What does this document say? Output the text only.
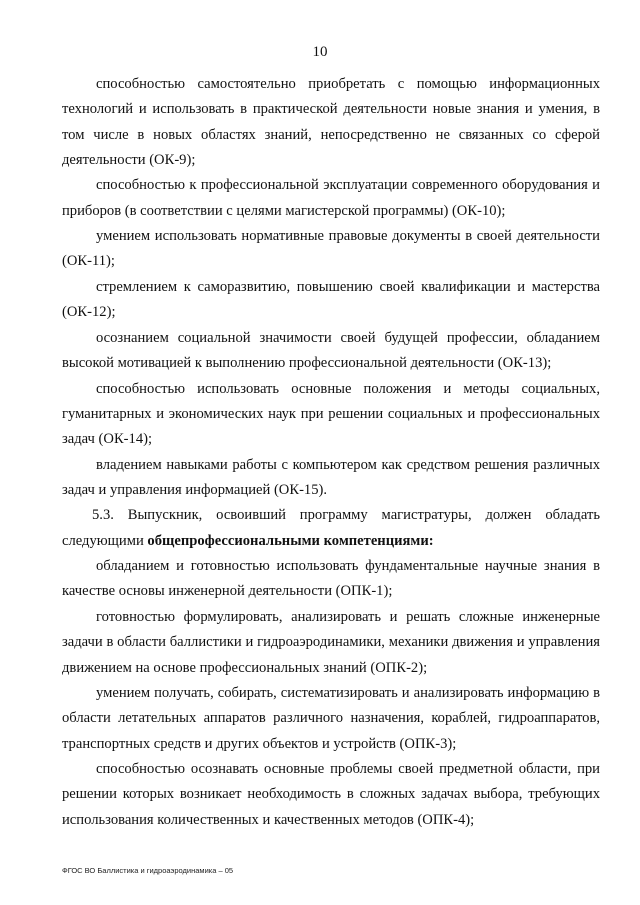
10

способностью самостоятельно приобретать с помощью информационных технологий и использовать в практической деятельности новые знания и умения, в том числе в новых областях знаний, непосредственно не связанных со сферой деятельности (ОК-9);

способностью к профессиональной эксплуатации современного оборудования и приборов (в соответствии с целями магистерской программы) (ОК-10);

умением использовать нормативные правовые документы в своей деятельности (ОК-11);

стремлением к саморазвитию, повышению своей квалификации и мастерства (ОК-12);

осознанием социальной значимости своей будущей профессии, обладанием высокой мотивацией к выполнению профессиональной деятельности (ОК-13);

способностью использовать основные положения и методы социальных, гуманитарных и экономических наук при решении социальных и профессиональных задач (ОК-14);

владением навыками работы с компьютером как средством решения различных задач и управления информацией (ОК-15).

5.3. Выпускник, освоивший программу магистратуры, должен обладать следующими общепрофессиональными компетенциями:

обладанием и готовностью использовать фундаментальные научные знания в качестве основы инженерной деятельности (ОПК-1);

готовностью формулировать, анализировать и решать сложные инженерные задачи в области баллистики и гидроаэродинамики, механики движения и управления движением на основе профессиональных знаний (ОПК-2);

умением получать, собирать, систематизировать и анализировать информацию в области летательных аппаратов различного назначения, кораблей, гидроаппаратов, транспортных средств и других объектов и устройств (ОПК-3);

способностью осознавать основные проблемы своей предметной области, при решении которых возникает необходимость в сложных задачах выбора, требующих использования количественных и качественных методов (ОПК-4);

ФГОС ВО Баллистика и гидроаэродинамика – 05
